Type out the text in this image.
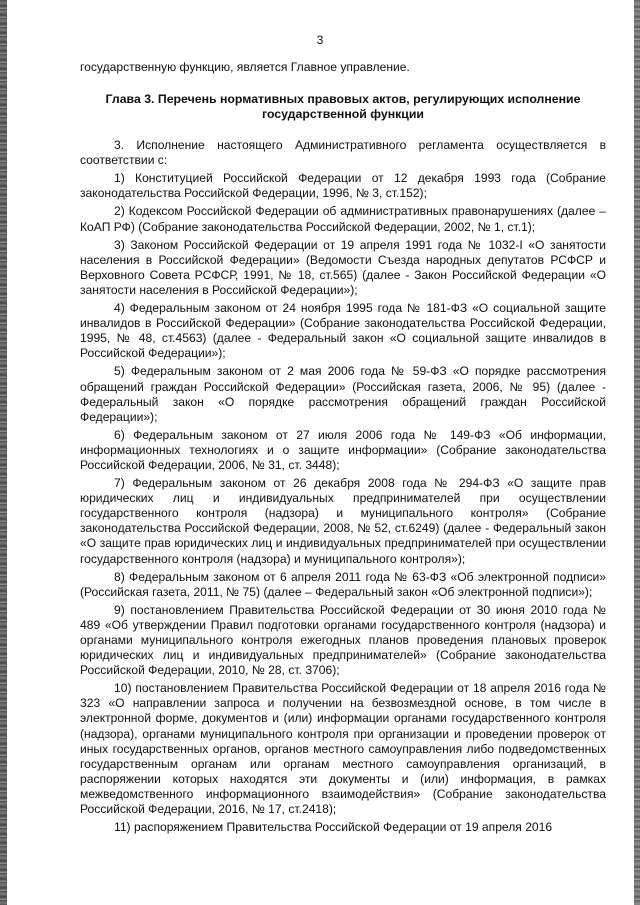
3

государственную функцию, является Главное управление.

Глава 3. Перечень нормативных правовых актов, регулирующих исполнение
государственной функции

3. Исполнение настоящего Административного регламента осуществляется в соответствии с:

1) Конституцией Российской Федерации от 12 декабря 1993 года (Собрание законодательства Российской Федерации, 1996, № 3, ст.152);

2) Кодексом Российской Федерации об административных правонарушениях (далее – КоАП РФ) (Собрание законодательства Российской Федерации, 2002, № 1, ст.1);

3) Законом Российской Федерации от 19 апреля 1991 года № 1032-I «О занятости населения в Российской Федерации» (Ведомости Съезда народных депутатов РСФСР и Верховного Совета РСФСР, 1991, № 18, ст.565) (далее - Закон Российской Федерации «О занятости населения в Российской Федерации»);

4) Федеральным законом от 24 ноября 1995 года № 181-ФЗ «О социальной защите инвалидов в Российской Федерации» (Собрание законодательства Российской Федерации, 1995, № 48, ст.4563) (далее - Федеральный закон «О социальной защите инвалидов в Российской Федерации»);

5) Федеральным законом от 2 мая 2006 года № 59-ФЗ «О порядке рассмотрения обращений граждан Российской Федерации» (Российская газета, 2006, № 95) (далее - Федеральный закон «О порядке рассмотрения обращений граждан Российской Федерации»);

6) Федеральным законом от 27 июля 2006 года № 149-ФЗ «Об информации, информационных технологиях и о защите информации» (Собрание законодательства Российской Федерации, 2006, № 31, ст. 3448);

7) Федеральным законом от 26 декабря 2008 года № 294-ФЗ «О защите прав юридических лиц и индивидуальных предпринимателей при осуществлении государственного контроля (надзора) и муниципального контроля» (Собрание законодательства Российской Федерации, 2008, № 52, ст.6249) (далее - Федеральный закон «О защите прав юридических лиц и индивидуальных предпринимателей при осуществлении государственного контроля (надзора) и муниципального контроля»);

8) Федеральным законом от 6 апреля 2011 года № 63-ФЗ «Об электронной подписи» (Российская газета, 2011, № 75) (далее – Федеральный закон «Об электронной подписи»);

9) постановлением Правительства Российской Федерации от 30 июня 2010 года № 489 «Об утверждении Правил подготовки органами государственного контроля (надзора) и органами муниципального контроля ежегодных планов проведения плановых проверок юридических лиц и индивидуальных предпринимателей» (Собрание законодательства Российской Федерации, 2010, № 28, ст. 3706);

10) постановлением Правительства Российской Федерации от 18 апреля 2016 года № 323 «О направлении запроса и получении на безвозмездной основе, в том числе в электронной форме, документов и (или) информации органами государственного контроля (надзора), органами муниципального контроля при организации и проведении проверок от иных государственных органов, органов местного самоуправления либо подведомственных государственным органам или органам местного самоуправления организаций, в распоряжении которых находятся эти документы и (или) информация, в рамках межведомственного информационного взаимодействия» (Собрание законодательства Российской Федерации, 2016, № 17, ст.2418);

11) распоряжением Правительства Российской Федерации от 19 апреля 2016
